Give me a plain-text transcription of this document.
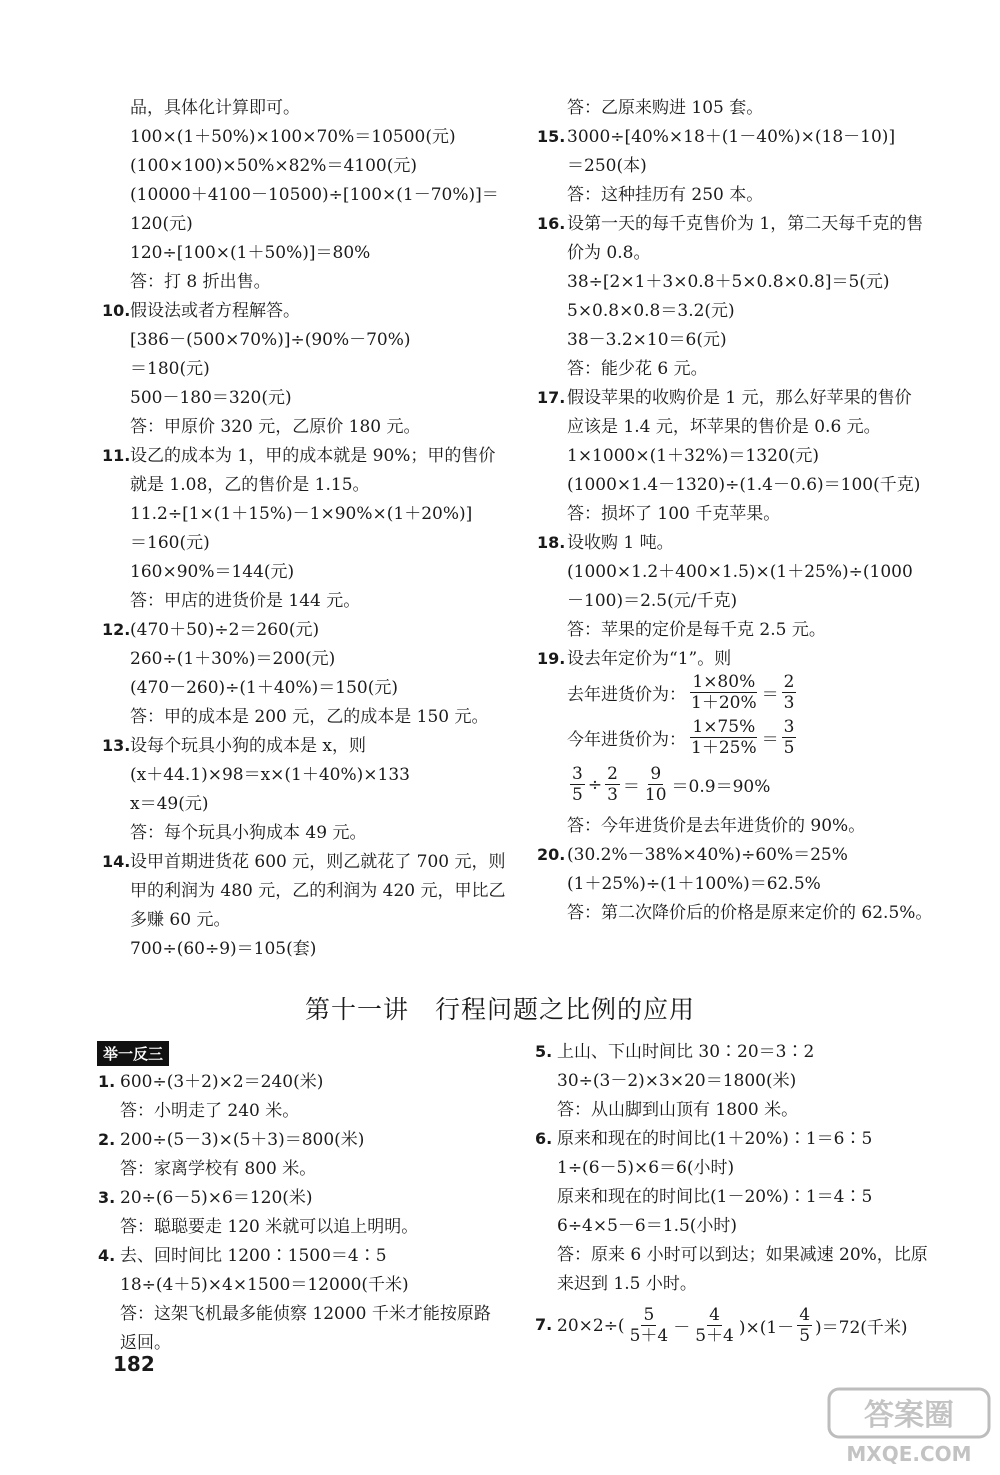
品，具体化计算即可。
100×(1＋50%)×100×70%＝10500(元)
(100×100)×50%×82%＝4100(元)
(10000＋4100－10500)÷[100×(1－70%)]＝
120(元)
120÷[100×(1＋50%)]＝80%
答：打 8 折出售。
10. 假设法或者方程解答。
[386－(500×70%)]÷(90%－70%)
＝180(元)
500－180＝320(元)
答：甲原价 320 元，乙原价 180 元。
11. 设乙的成本为 1，甲的成本就是 90%；甲的售价
就是 1.08，乙的售价是 1.15。
11.2÷[1×(1＋15%)－1×90%×(1＋20%)]
＝160(元)
160×90%＝144(元)
答：甲店的进货价是 144 元。
12. (470＋50)÷2＝260(元)
260÷(1＋30%)＝200(元)
(470－260)÷(1＋40%)＝150(元)
答：甲的成本是 200 元，乙的成本是 150 元。
13. 设每个玩具小狗的成本是 x，则
(x＋44.1)×98＝x×(1＋40%)×133
x＝49(元)
答：每个玩具小狗成本 49 元。
14. 设甲首期进货花 600 元，则乙就花了 700 元，则
甲的利润为 480 元，乙的利润为 420 元，甲比乙
多赚 60 元。
700÷(60÷9)＝105(套)
答：乙原来购进 105 套。
15. 3000÷[40%×18＋(1－40%)×(18－10)]
＝250(本)
答：这种挂历有 250 本。
16. 设第一天的每千克售价为 1，第二天每千克的售
价为 0.8。
38÷[2×1＋3×0.8＋5×0.8×0.8]＝5(元)
5×0.8×0.8＝3.2(元)
38－3.2×10＝6(元)
答：能少花 6 元。
17. 假设苹果的收购价是 1 元，那么好苹果的售价
应该是 1.4 元，坏苹果的售价是 0.6 元。
1×1000×(1＋32%)＝1320(元)
(1000×1.4－1320)÷(1.4－0.6)＝100(千克)
答：损坏了 100 千克苹果。
18. 设收购 1 吨。
(1000×1.2＋400×1.5)×(1＋25%)÷(1000
－100)＝2.5(元/千克)
答：苹果的定价是每千克 2.5 元。
19. 设去年定价为“1”。则
去年进货价为： $\frac{1\times 80\%}{1+20\%} = \frac{2}{3}$
今年进货价为： $\frac{1\times 75\%}{1+25\%} = \frac{3}{5}$
$\frac{3}{5} \div \frac{2}{3} = \frac{9}{10} =0.9=90\%$
答：今年进货价是去年进货价的 90%。
20. (30.2%－38%×40%)÷60%＝25%
(1＋25%)÷(1＋100%)＝62.5%
答：第二次降价后的价格是原来定价的 62.5%。
第十一讲　行程问题之比例的应用
举一反三
1. 600÷(3＋2)×2＝240(米)
答：小明走了 240 米。
2. 200÷(5－3)×(5＋3)＝800(米)
答：家离学校有 800 米。
3. 20÷(6－5)×6＝120(米)
答：聪聪要走 120 米就可以追上明明。
4. 去、回时间比 1200∶1500＝4∶5
18÷(4＋5)×4×1500＝12000(千米)
答：这架飞机最多能侦察 12000 千米才能按原路
返回。
5. 上山、下山时间比 30∶20＝3∶2
30÷(3－2)×3×20＝1800(米)
答：从山脚到山顶有 1800 米。
6. 原来和现在的时间比(1＋20%)∶1＝6∶5
1÷(6－5)×6＝6(小时)
原来和现在的时间比(1－20%)∶1＝4∶5
6÷4×5－6＝1.5(小时)
答：原来 6 小时可以到达；如果减速 20%，比原
来迟到 1.5 小时。
7. $20\times 2\div( \frac{5}{5+4} - \frac{4}{5+4} )\times(1- \frac{4}{5} )=72$(千米)
182
答案圈
MXQE.COM
